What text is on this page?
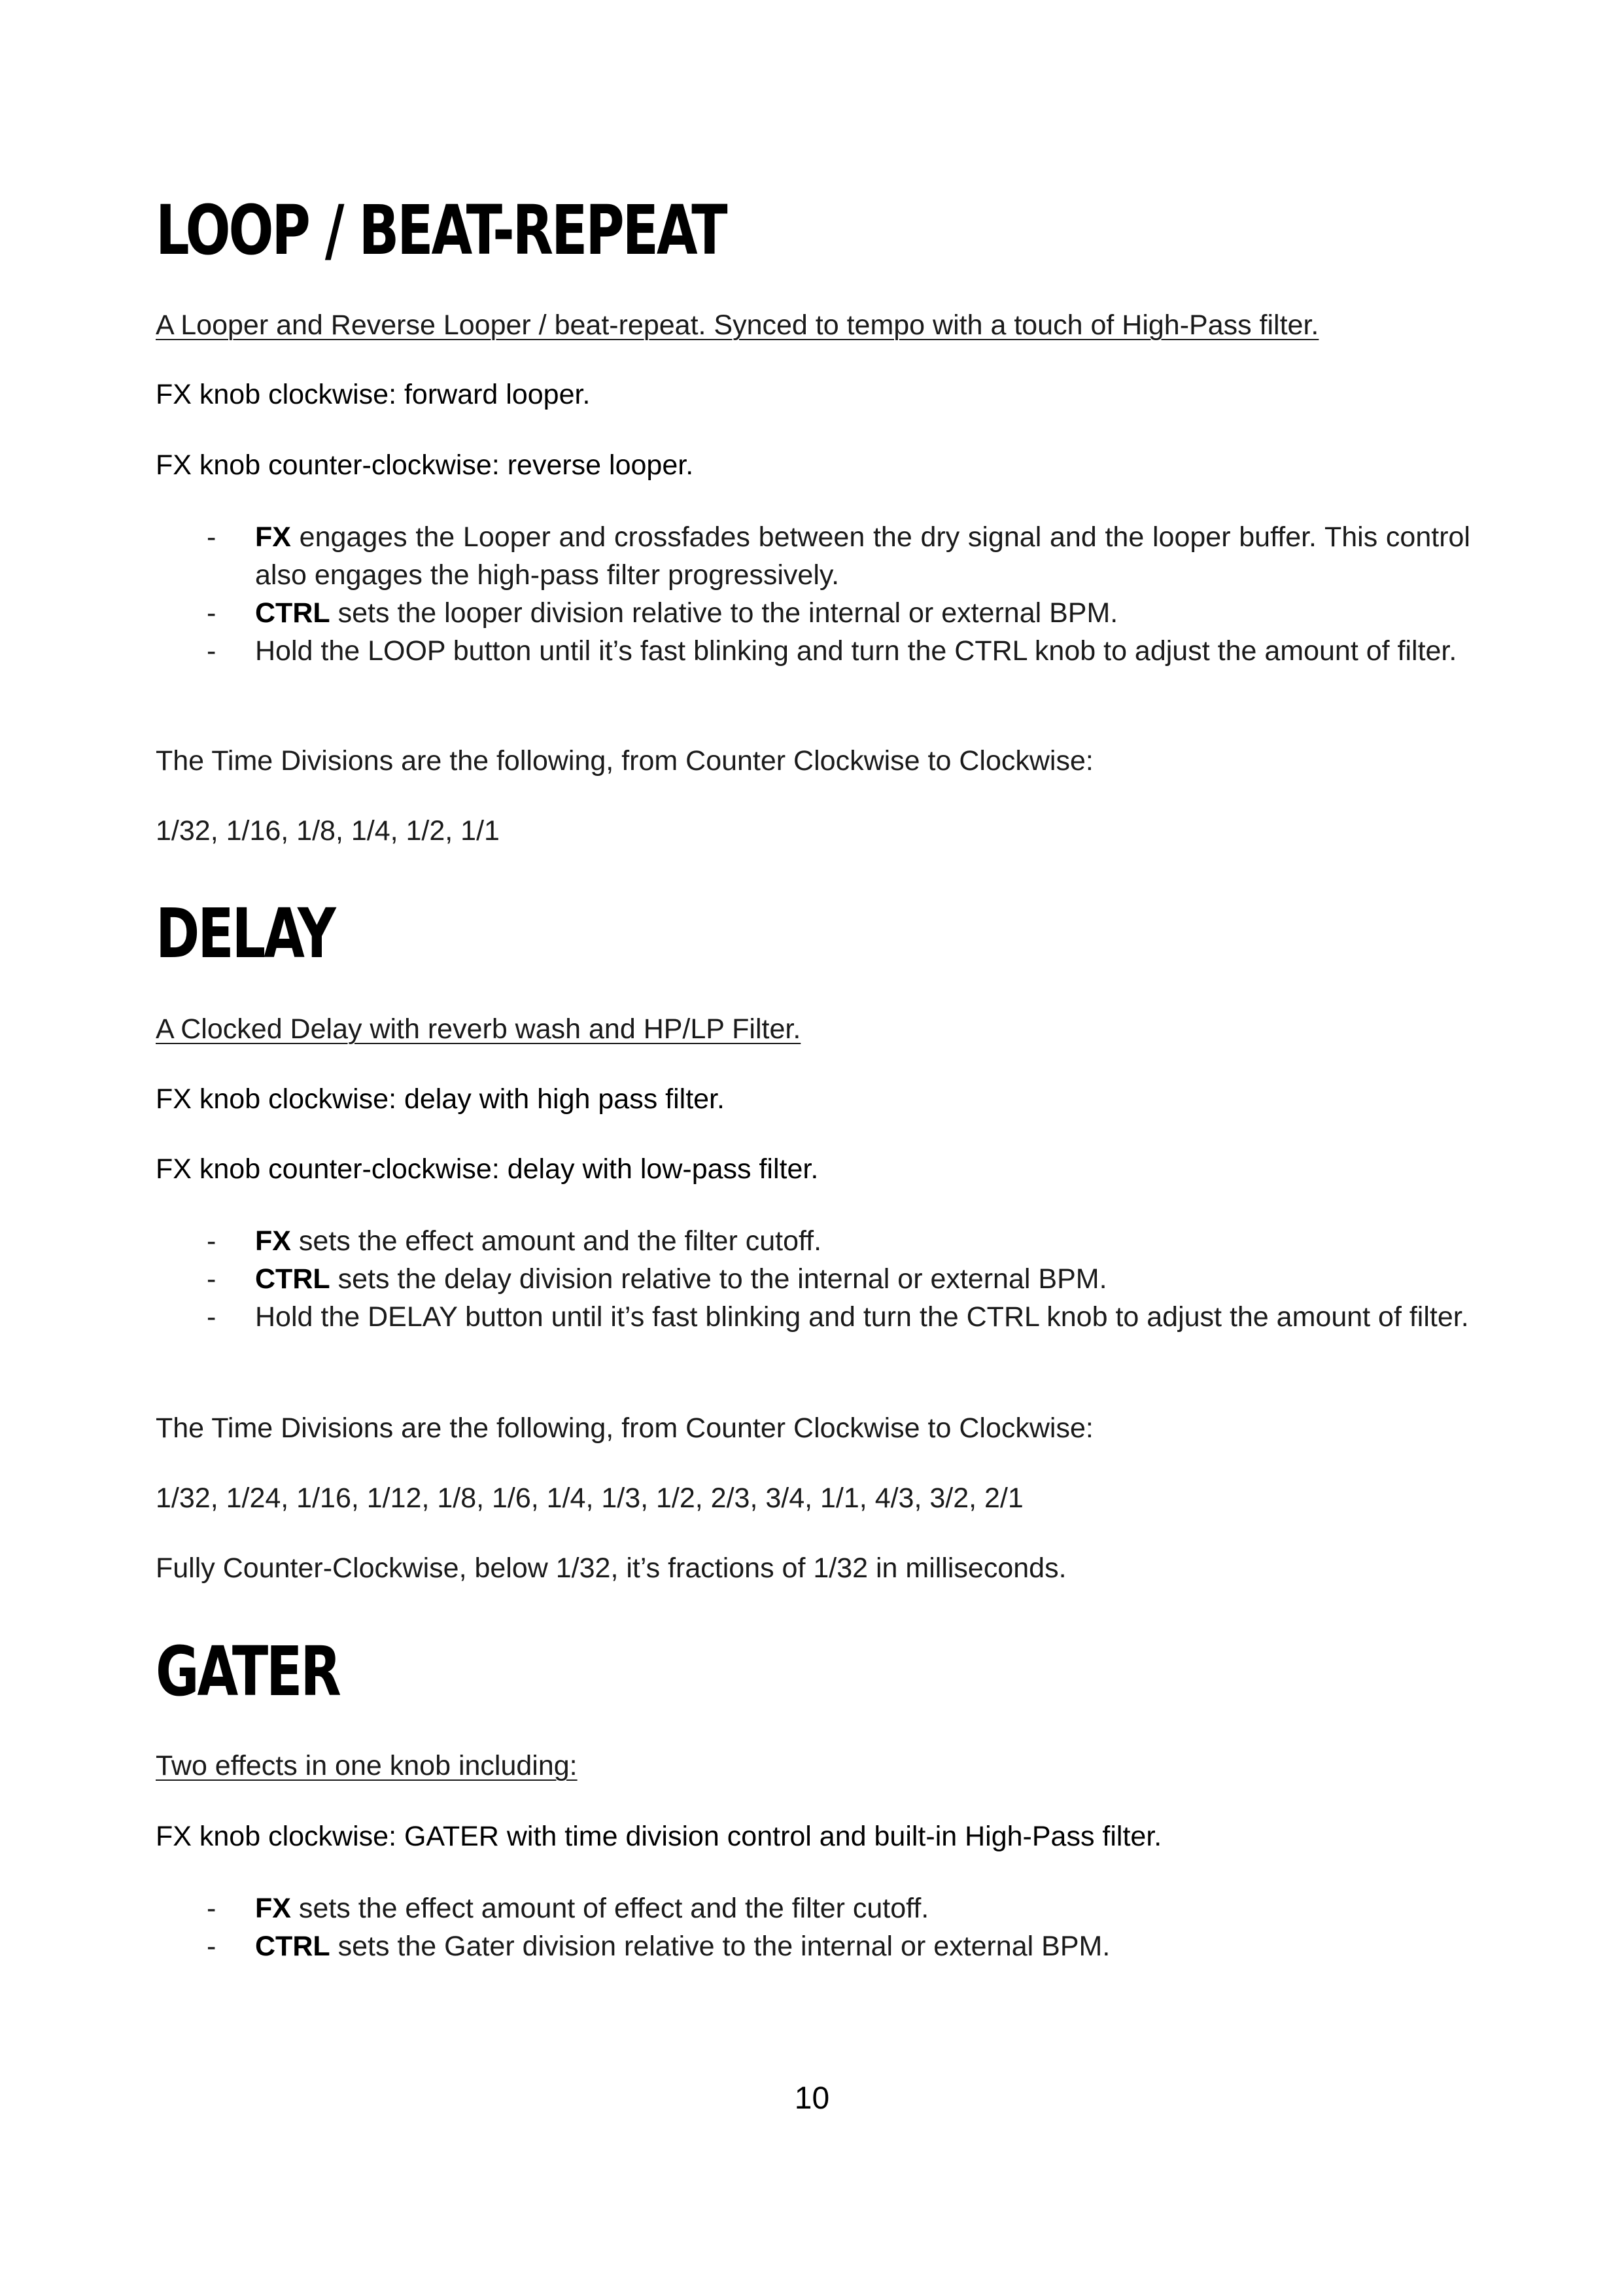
LOOP / BEAT-REPEAT

A Looper and Reverse Looper / beat-repeat. Synced to tempo with a touch of High-Pass filter.

FX knob clockwise: forward looper.

FX knob counter-clockwise: reverse looper.

- FX engages the Looper and crossfades between the dry signal and the looper buffer. This control also engages the high-pass filter progressively.
- CTRL sets the looper division relative to the internal or external BPM.
- Hold the LOOP button until it’s fast blinking and turn the CTRL knob to adjust the amount of filter.

The Time Divisions are the following, from Counter Clockwise to Clockwise:

1/32, 1/16, 1/8, 1/4, 1/2, 1/1

DELAY

A Clocked Delay with reverb wash and HP/LP Filter.

FX knob clockwise: delay with high pass filter.

FX knob counter-clockwise: delay with low-pass filter.

- FX sets the effect amount and the filter cutoff.
- CTRL sets the delay division relative to the internal or external BPM.
- Hold the DELAY button until it’s fast blinking and turn the CTRL knob to adjust the amount of filter.

The Time Divisions are the following, from Counter Clockwise to Clockwise:

1/32, 1/24, 1/16, 1/12, 1/8, 1/6, 1/4, 1/3, 1/2, 2/3, 3/4, 1/1, 4/3, 3/2, 2/1

Fully Counter-Clockwise, below 1/32, it’s fractions of 1/32 in milliseconds.

GATER

Two effects in one knob including:

FX knob clockwise: GATER with time division control and built-in High-Pass filter.

- FX sets the effect amount of effect and the filter cutoff.
- CTRL sets the Gater division relative to the internal or external BPM.
10
